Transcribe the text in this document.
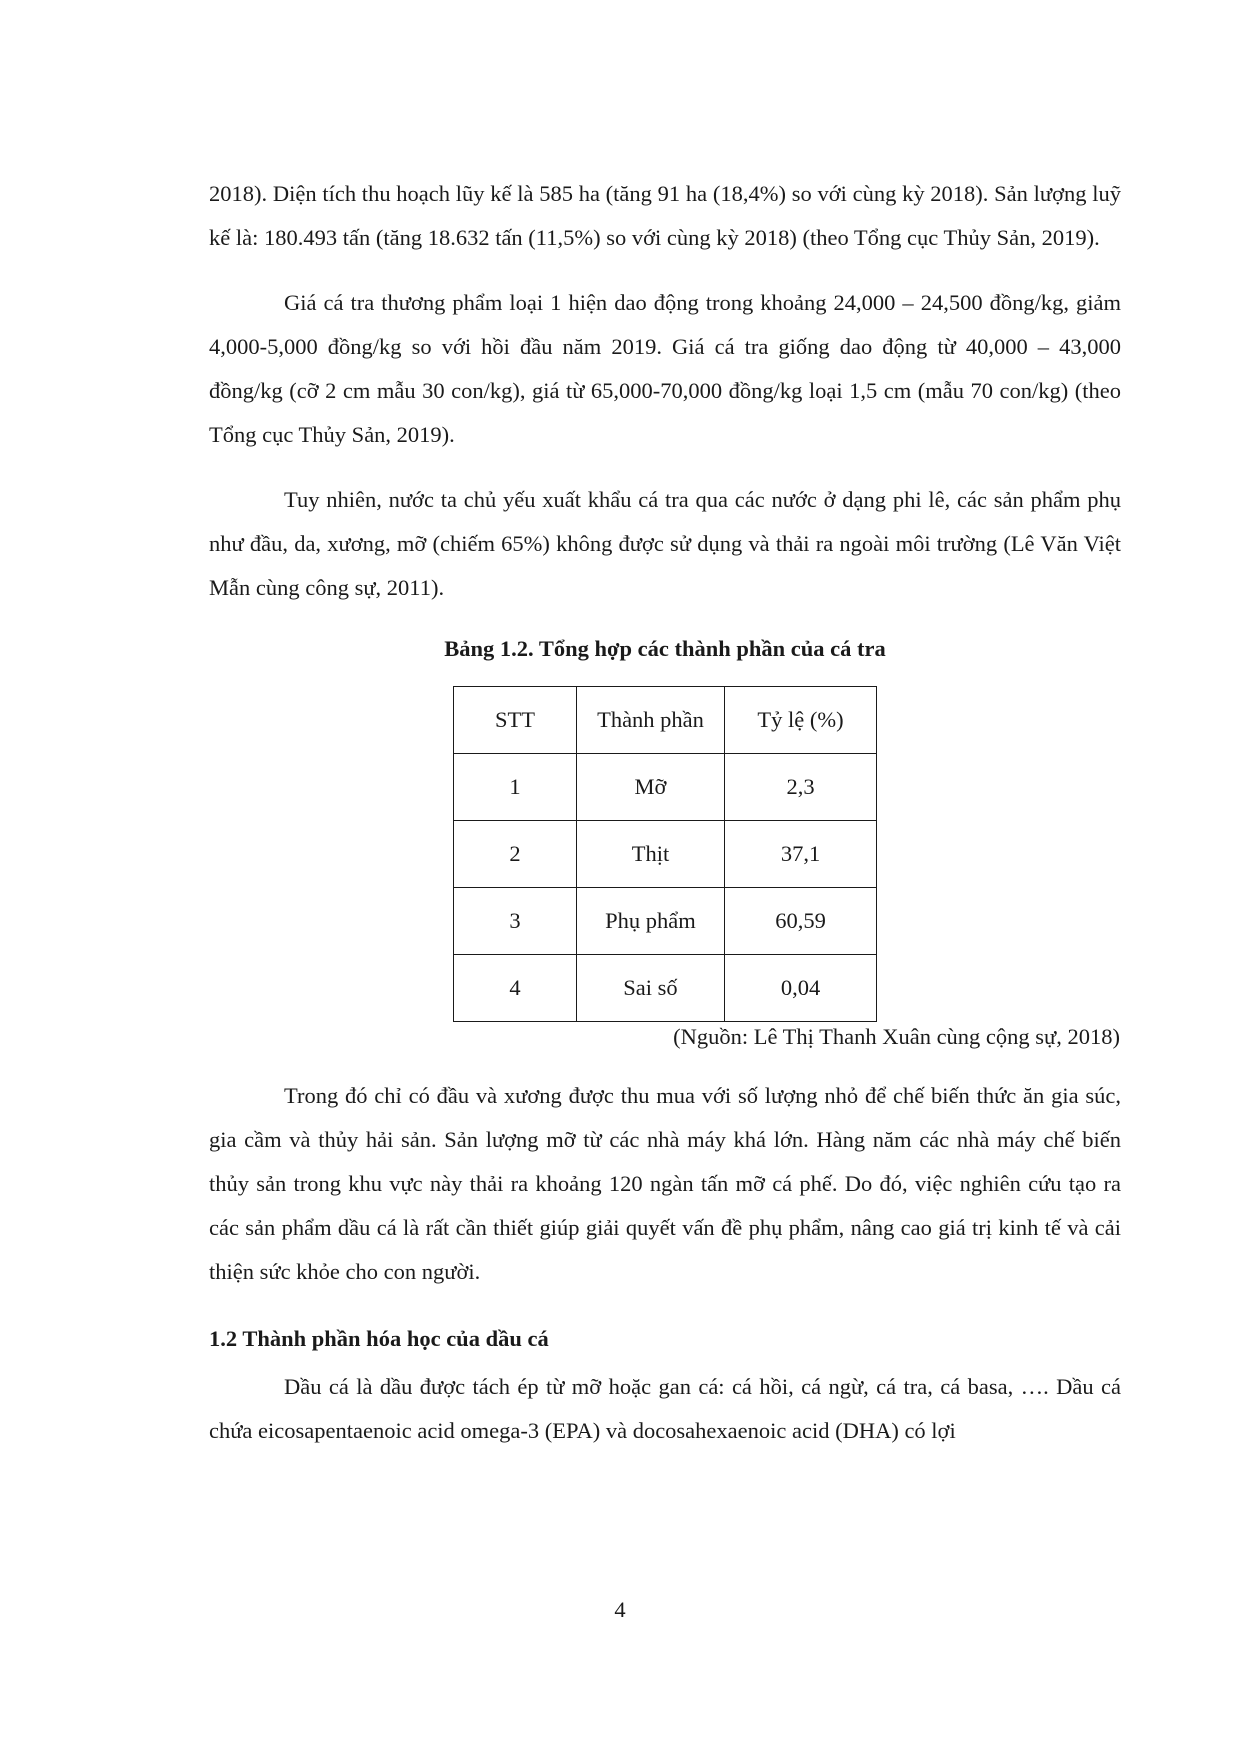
2018). Diện tích thu hoạch lũy kế là 585 ha (tăng 91 ha (18,4%) so với cùng kỳ 2018). Sản lượng luỹ kế là: 180.493 tấn (tăng 18.632 tấn (11,5%) so với cùng kỳ 2018) (theo Tổng cục Thủy Sản, 2019).

Giá cá tra thương phẩm loại 1 hiện dao động trong khoảng 24,000 – 24,500 đồng/kg, giảm 4,000-5,000 đồng/kg so với hồi đầu năm 2019. Giá cá tra giống dao động từ 40,000 – 43,000 đồng/kg (cỡ 2 cm mẫu 30 con/kg), giá từ 65,000-70,000 đồng/kg loại 1,5 cm (mẫu 70 con/kg) (theo Tổng cục Thủy Sản, 2019).

Tuy nhiên, nước ta chủ yếu xuất khẩu cá tra qua các nước ở dạng phi lê, các sản phẩm phụ như đầu, da, xương, mỡ (chiếm 65%) không được sử dụng và thải ra ngoài môi trường (Lê Văn Việt Mẫn cùng công sự, 2011).

Bảng 1.2. Tổng hợp các thành phần của cá tra
STT	Thành phần	Tỷ lệ (%)
1	Mỡ	2,3
2	Thịt	37,1
3	Phụ phẩm	60,59
4	Sai số	0,04
(Nguồn: Lê Thị Thanh Xuân cùng cộng sự, 2018)

Trong đó chỉ có đầu và xương được thu mua với số lượng nhỏ để chế biến thức ăn gia súc, gia cầm và thủy hải sản. Sản lượng mỡ từ các nhà máy khá lớn. Hàng năm các nhà máy chế biến thủy sản trong khu vực này thải ra khoảng 120 ngàn tấn mỡ cá phế. Do đó, việc nghiên cứu tạo ra các sản phẩm dầu cá là rất cần thiết giúp giải quyết vấn đề phụ phẩm, nâng cao giá trị kinh tế và cải thiện sức khỏe cho con người.

1.2 Thành phần hóa học của dầu cá

Dầu cá là dầu được tách ép từ mỡ hoặc gan cá: cá hồi, cá ngừ, cá tra, cá basa, …. Dầu cá chứa eicosapentaenoic acid omega-3 (EPA) và docosahexaenoic acid (DHA) có lợi

4
